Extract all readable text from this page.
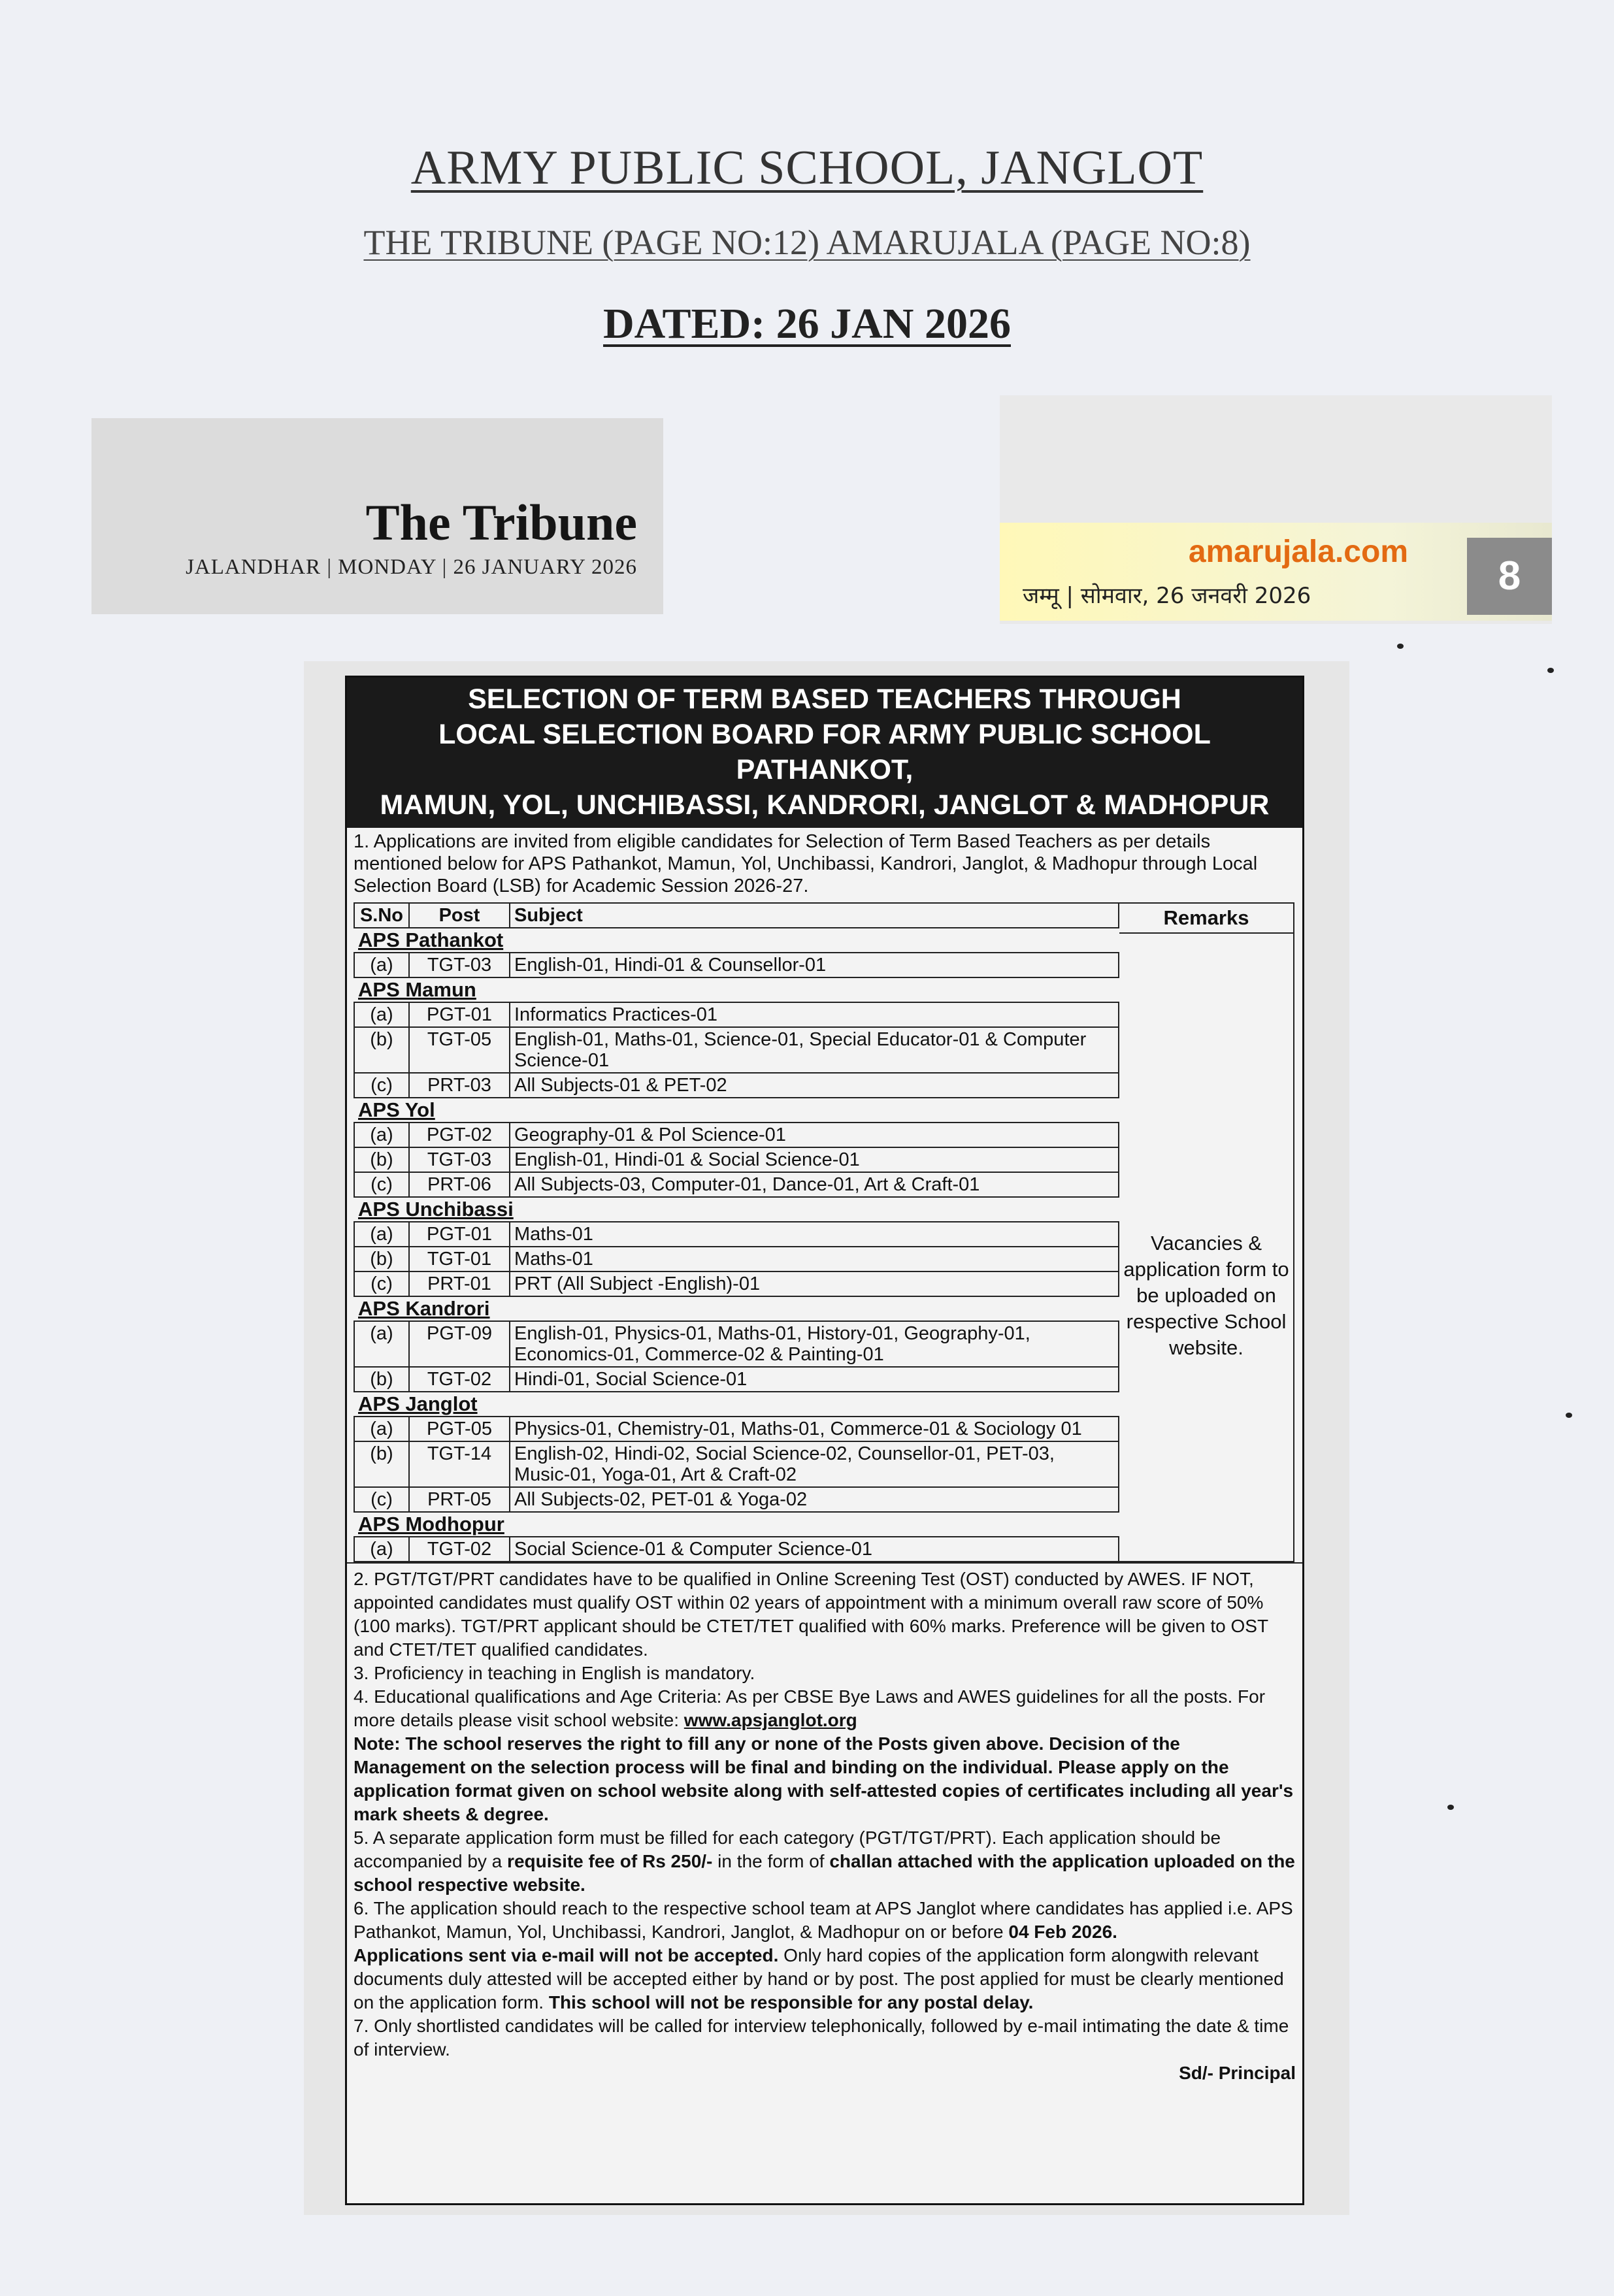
ARMY PUBLIC SCHOOL, JANGLOT
THE TRIBUNE (PAGE NO:12) AMARUJALA (PAGE NO:8)
DATED: 26 JAN 2026
The Tribune
JALANDHAR | MONDAY | 26 JANUARY 2026	amarujala.com
जम्मू | सोमवार, 26 जनवरी 2026	8
SELECTION OF TERM BASED TEACHERS THROUGH
LOCAL SELECTION BOARD FOR ARMY PUBLIC SCHOOL PATHANKOT,
MAMUN, YOL, UNCHIBASSI, KANDRORI, JANGLOT & MADHOPUR
1. Applications are invited from eligible candidates for Selection of Term Based Teachers as per details mentioned below for APS Pathankot, Mamun, Yol, Unchibassi, Kandrori, Janglot, & Madhopur through Local Selection Board (LSB) for Academic Session 2026-27.
S.No	Post	Subject
APS Pathankot		
(a)	TGT-03	English-01, Hindi-01 & Counsellor-01
APS Mamun		
(a)	PGT-01	Informatics Practices-01
(b)	TGT-05	English-01, Maths-01, Science-01, Special Educator-01 & Computer Science-01
(c)	PRT-03	All Subjects-01 & PET-02
APS Yol		
(a)	PGT-02	Geography-01 & Pol Science-01
(b)	TGT-03	English-01, Hindi-01 & Social Science-01
(c)	PRT-06	All Subjects-03, Computer-01, Dance-01, Art & Craft-01
APS Unchibassi		
(a)	PGT-01	Maths-01
(b)	TGT-01	Maths-01
(c)	PRT-01	PRT (All Subject -English)-01
APS Kandrori		
(a)	PGT-09	English-01, Physics-01, Maths-01, History-01, Geography-01, Economics-01, Commerce-02 & Painting-01
(b)	TGT-02	Hindi-01, Social Science-01
APS Janglot		
(a)	PGT-05	Physics-01, Chemistry-01, Maths-01, Commerce-01 & Sociology 01
(b)	TGT-14	English-02, Hindi-02, Social Science-02, Counsellor-01, PET-03, Music-01, Yoga-01, Art & Craft-02
(c)	PRT-05	All Subjects-02, PET-01 & Yoga-02
APS Modhopur		
(a)	TGT-02	Social Science-01 & Computer Science-01
Remarks
Vacancies & application form to be uploaded on respective School website.

2. PGT/TGT/PRT candidates have to be qualified in Online Screening Test (OST) conducted by AWES. IF NOT, appointed candidates must qualify OST within 02 years of appointment with a minimum overall raw score of 50% (100 marks). TGT/PRT applicant should be CTET/TET qualified with 60% marks. Preference will be given to OST and CTET/TET qualified candidates.

3. Proficiency in teaching in English is mandatory.

4. Educational qualifications and Age Criteria: As per CBSE Bye Laws and AWES guidelines for all the posts. For more details please visit school website: www.apsjanglot.org

Note: The school reserves the right to fill any or none of the Posts given above. Decision of the Management on the selection process will be final and binding on the individual. Please apply on the application format given on school website along with self-attested copies of certificates including all year's mark sheets & degree.

5. A separate application form must be filled for each category (PGT/TGT/PRT). Each application should be accompanied by a requisite fee of Rs 250/- in the form of challan attached with the application uploaded on the school respective website.

6. The application should reach to the respective school team at APS Janglot where candidates has applied i.e. APS Pathankot, Mamun, Yol, Unchibassi, Kandrori, Janglot, & Madhopur on or before 04 Feb 2026.
Applications sent via e-mail will not be accepted. Only hard copies of the application form alongwith relevant documents duly attested will be accepted either by hand or by post. The post applied for must be clearly mentioned on the application form. This school will not be responsible for any postal delay.

7. Only shortlisted candidates will be called for interview telephonically, followed by e-mail intimating the date & time of interview.

Sd/- Principal
